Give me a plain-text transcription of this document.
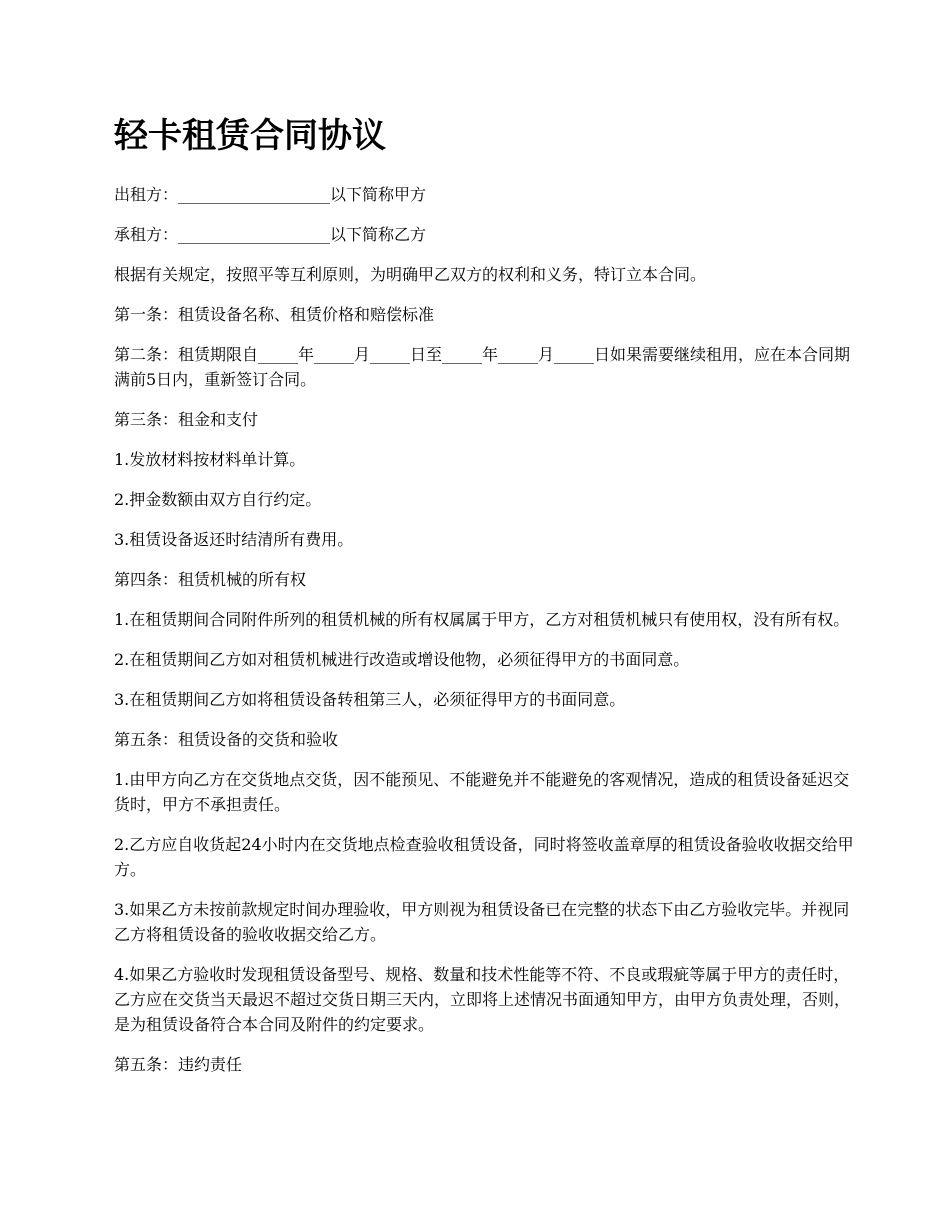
轻卡租赁合同协议

出租方：___________________以下简称甲方

承租方：___________________以下简称乙方

根据有关规定，按照平等互利原则，为明确甲乙双方的权利和义务，特订立本合同。

第一条：租赁设备名称、租赁价格和赔偿标准

第二条：租赁期限自_____年_____月_____日至_____年_____月_____日如果需要继续租用，应在本合同期满前5日内，重新签订合同。

第三条：租金和支付

1.发放材料按材料单计算。

2.押金数额由双方自行约定。

3.租赁设备返还时结清所有费用。

第四条：租赁机械的所有权

1.在租赁期间合同附件所列的租赁机械的所有权属属于甲方，乙方对租赁机械只有使用权，没有所有权。

2.在租赁期间乙方如对租赁机械进行改造或增设他物，必须征得甲方的书面同意。

3.在租赁期间乙方如将租赁设备转租第三人，必须征得甲方的书面同意。

第五条：租赁设备的交货和验收

1.由甲方向乙方在交货地点交货，因不能预见、不能避免并不能避免的客观情况，造成的租赁设备延迟交货时，甲方不承担责任。

2.乙方应自收货起24小时内在交货地点检查验收租赁设备，同时将签收盖章厚的租赁设备验收收据交给甲方。

3.如果乙方未按前款规定时间办理验收，甲方则视为租赁设备已在完整的状态下由乙方验收完毕。并视同乙方将租赁设备的验收收据交给乙方。

4.如果乙方验收时发现租赁设备型号、规格、数量和技术性能等不符、不良或瑕疵等属于甲方的责任时，乙方应在交货当天最迟不超过交货日期三天内，立即将上述情况书面通知甲方，由甲方负责处理，否则，是为租赁设备符合本合同及附件的约定要求。

第五条：违约责任
